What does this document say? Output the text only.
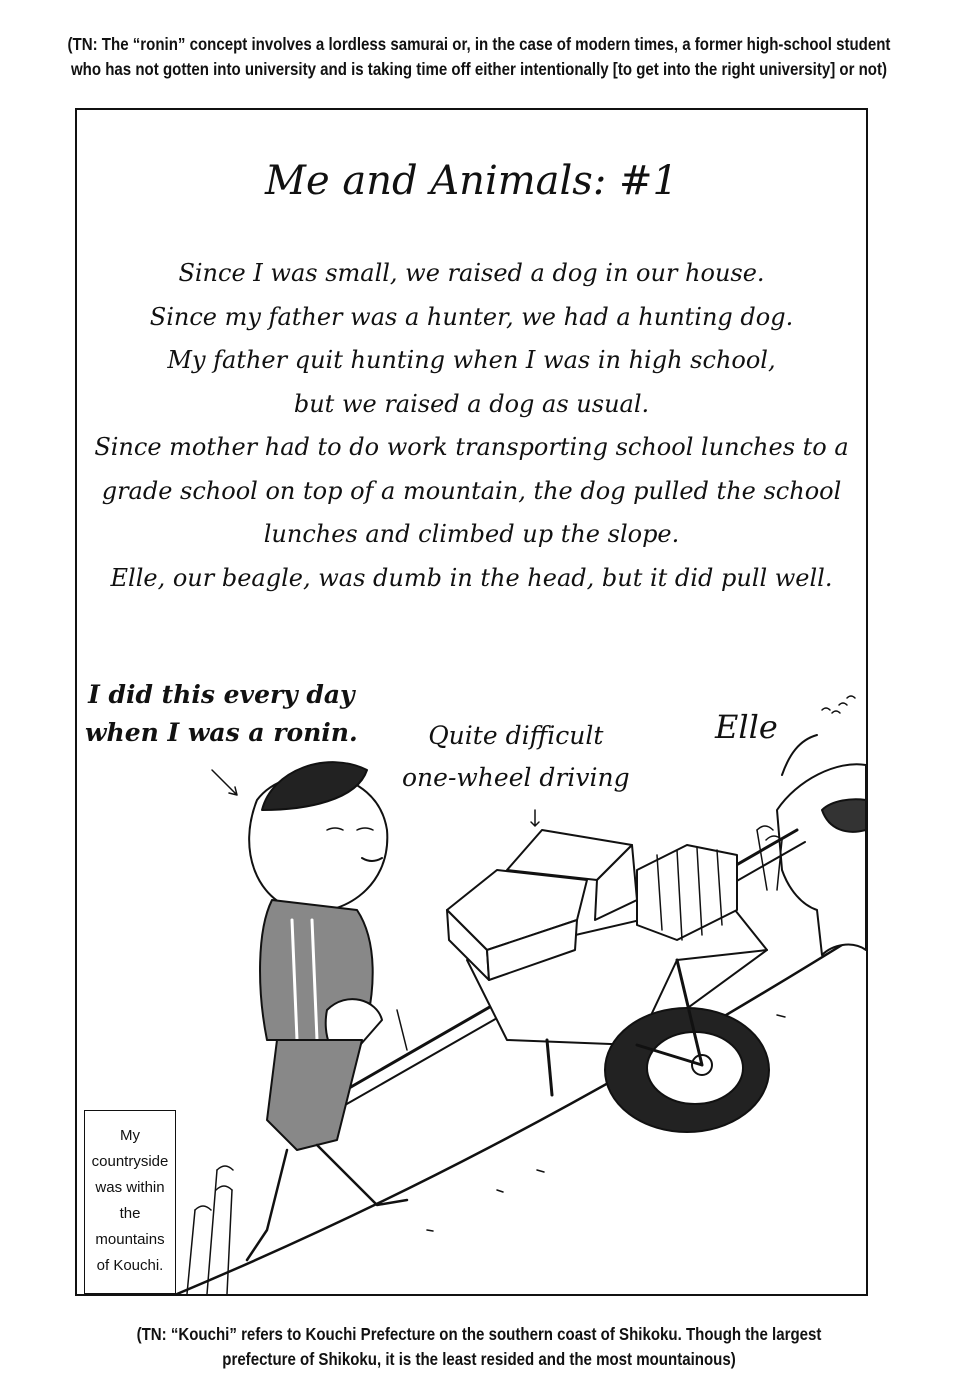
(TN: The “ronin” concept involves a lordless samurai or, in the case of modern times, a former high-school student
who has not gotten into university and is taking time off either intentionally [to get into the right university] or not)
Me and Animals: #1
Since I was small, we raised a dog in our house.
Since my father was a hunter, we had a hunting dog.
My father quit hunting when I was in high school,
but we raised a dog as usual.
Since mother had to do work transporting school lunches to a
grade school on top of a mountain, the dog pulled the school
lunches and climbed up the slope.
Elle, our beagle, was dumb in the head, but it did pull well.
I did this every day
when I was a ronin.	Quite difficult
one-wheel driving
Elle
My
countryside
was within
the
mountains
of Kouchi.
(TN: “Kouchi” refers to Kouchi Prefecture on the southern coast of Shikoku. Though the largest
prefecture of Shikoku, it is the least resided and the most mountainous)
